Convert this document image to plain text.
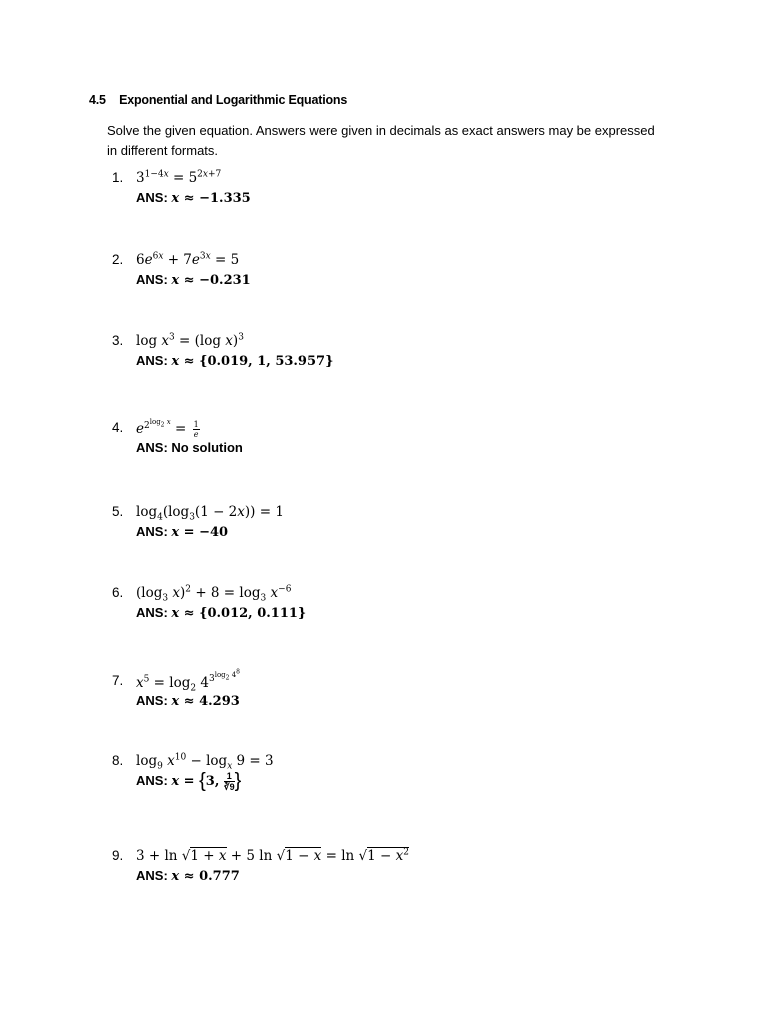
4.5 Exponential and Logarithmic Equations
Solve the given equation. Answers were given in decimals as exact answers may be expressed in different formats.
1. $3^{1-4x} = 5^{2x+7}$
ANS: x ≈ −1.335
2. $6e^{6x} + 7e^{3x} = 5$
ANS: x ≈ −0.231
3. $\log x^3 = (\log$ x)$^3$
ANS: x ≈ {0.019, 1, 53.957}
4. $e^{2^{log_2 x}} = \frac{1}{e}$
ANS: No solution
5. $\log_4(\log_3(1 - 2x)) = 1$
ANS: x = −40
6. ($\log_3$ $x)^2 + 8 = \log_3 x^{-6}$
ANS: x ≈ {0.012, 0.111}
7. $x^5 = \log_2 4^{3^{log_2 4^8}}$
ANS: x ≈ 4.293
8. $\log_9 x^{10} - \log_x 9 = 3$
ANS: x = {3, $\frac{1}{∛9}$ }
9. 3 + ln √1 + x + 5 $\ln √1 - x = \ln √1 - x^2$
ANS: x ≈ 0.777
